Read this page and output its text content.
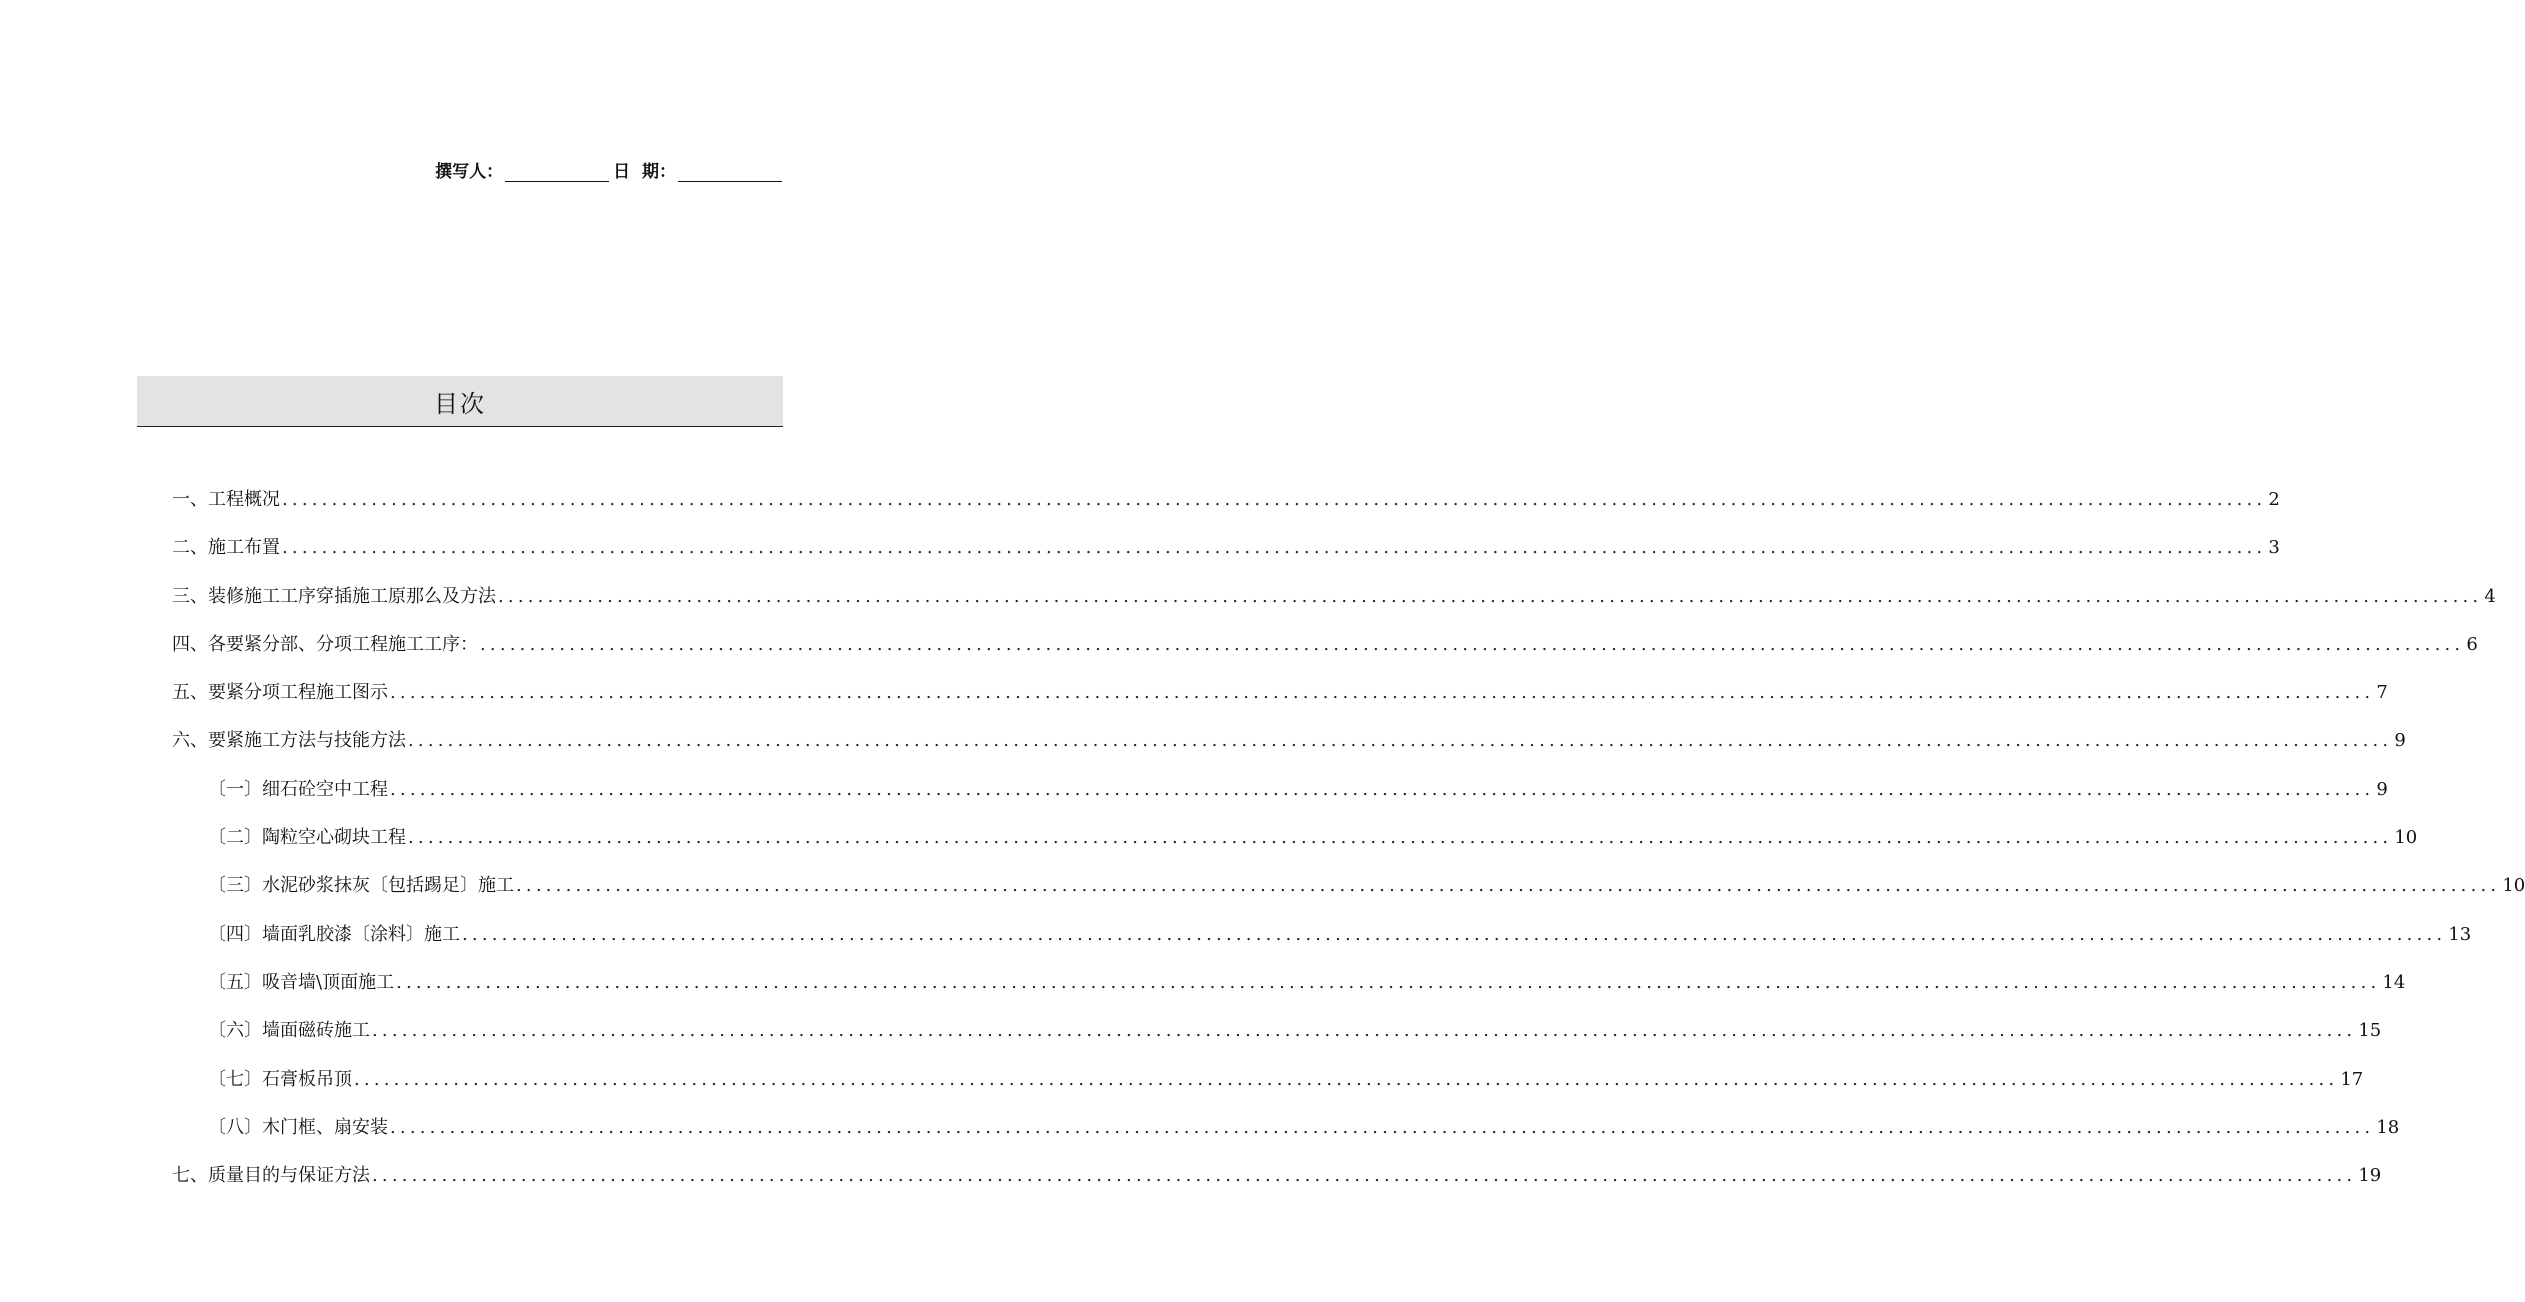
撰写人：	日  期：
目次
一、工程概况 ........................................................................................................................................................................................................ 2
二、施工布置 ........................................................................................................................................................................................................ 3
三、装修施工工序穿插施工原那么及方法 ........................................................................................................................................................................................................ 4
四、各要紧分部、分项工程施工工序： ........................................................................................................................................................................................................ 6
五、要紧分项工程施工图示 ........................................................................................................................................................................................................ 7
六、要紧施工方法与技能方法 ........................................................................................................................................................................................................ 9
〔一〕细石砼空中工程 ........................................................................................................................................................................................................ 9
〔二〕陶粒空心砌块工程 ........................................................................................................................................................................................................ 10
〔三〕水泥砂浆抹灰〔包括踢足〕施工 ........................................................................................................................................................................................................ 10
〔四〕墙面乳胶漆〔涂料〕施工 ........................................................................................................................................................................................................ 13
〔五〕吸音墙\顶面施工 ........................................................................................................................................................................................................ 14
〔六〕墙面磁砖施工 ........................................................................................................................................................................................................ 15
〔七〕石膏板吊顶 ........................................................................................................................................................................................................ 17
〔八〕木门框、扇安装 ........................................................................................................................................................................................................ 18
七、质量目的与保证方法 ........................................................................................................................................................................................................ 19
